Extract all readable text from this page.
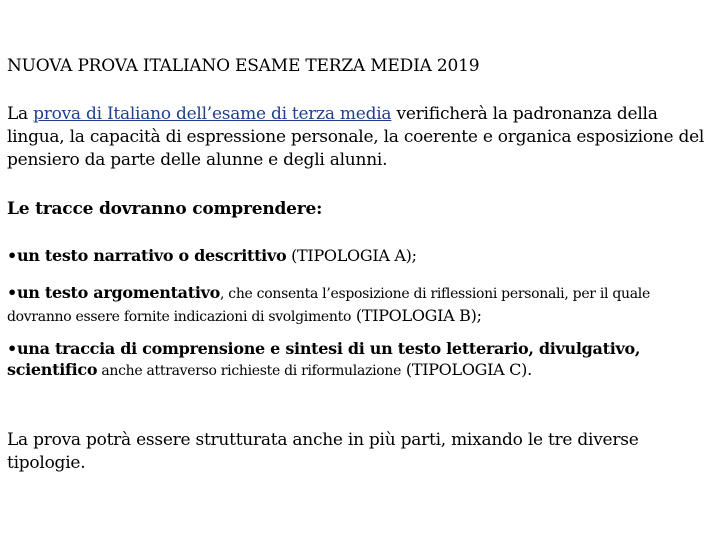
NUOVA PROVA ITALIANO ESAME TERZA MEDIA 2019

La prova di Italiano dell’esame di terza media verificherà la padronanza della lingua, la capacità di espressione personale, la coerente e organica esposizione del pensiero da parte delle alunne e degli alunni.

Le tracce dovranno comprendere:
•un testo narrativo o descrittivo (TIPOLOGIA A);
•un testo argomentativo, che consenta l’esposizione di riflessioni personali, per il quale dovranno essere fornite indicazioni di svolgimento (TIPOLOGIA B);
•una traccia di comprensione e sintesi di un testo letterario, divulgativo, scientifico anche attraverso richieste di riformulazione (TIPOLOGIA C).

La prova potrà essere strutturata anche in più parti, mixando le tre diverse tipologie.
